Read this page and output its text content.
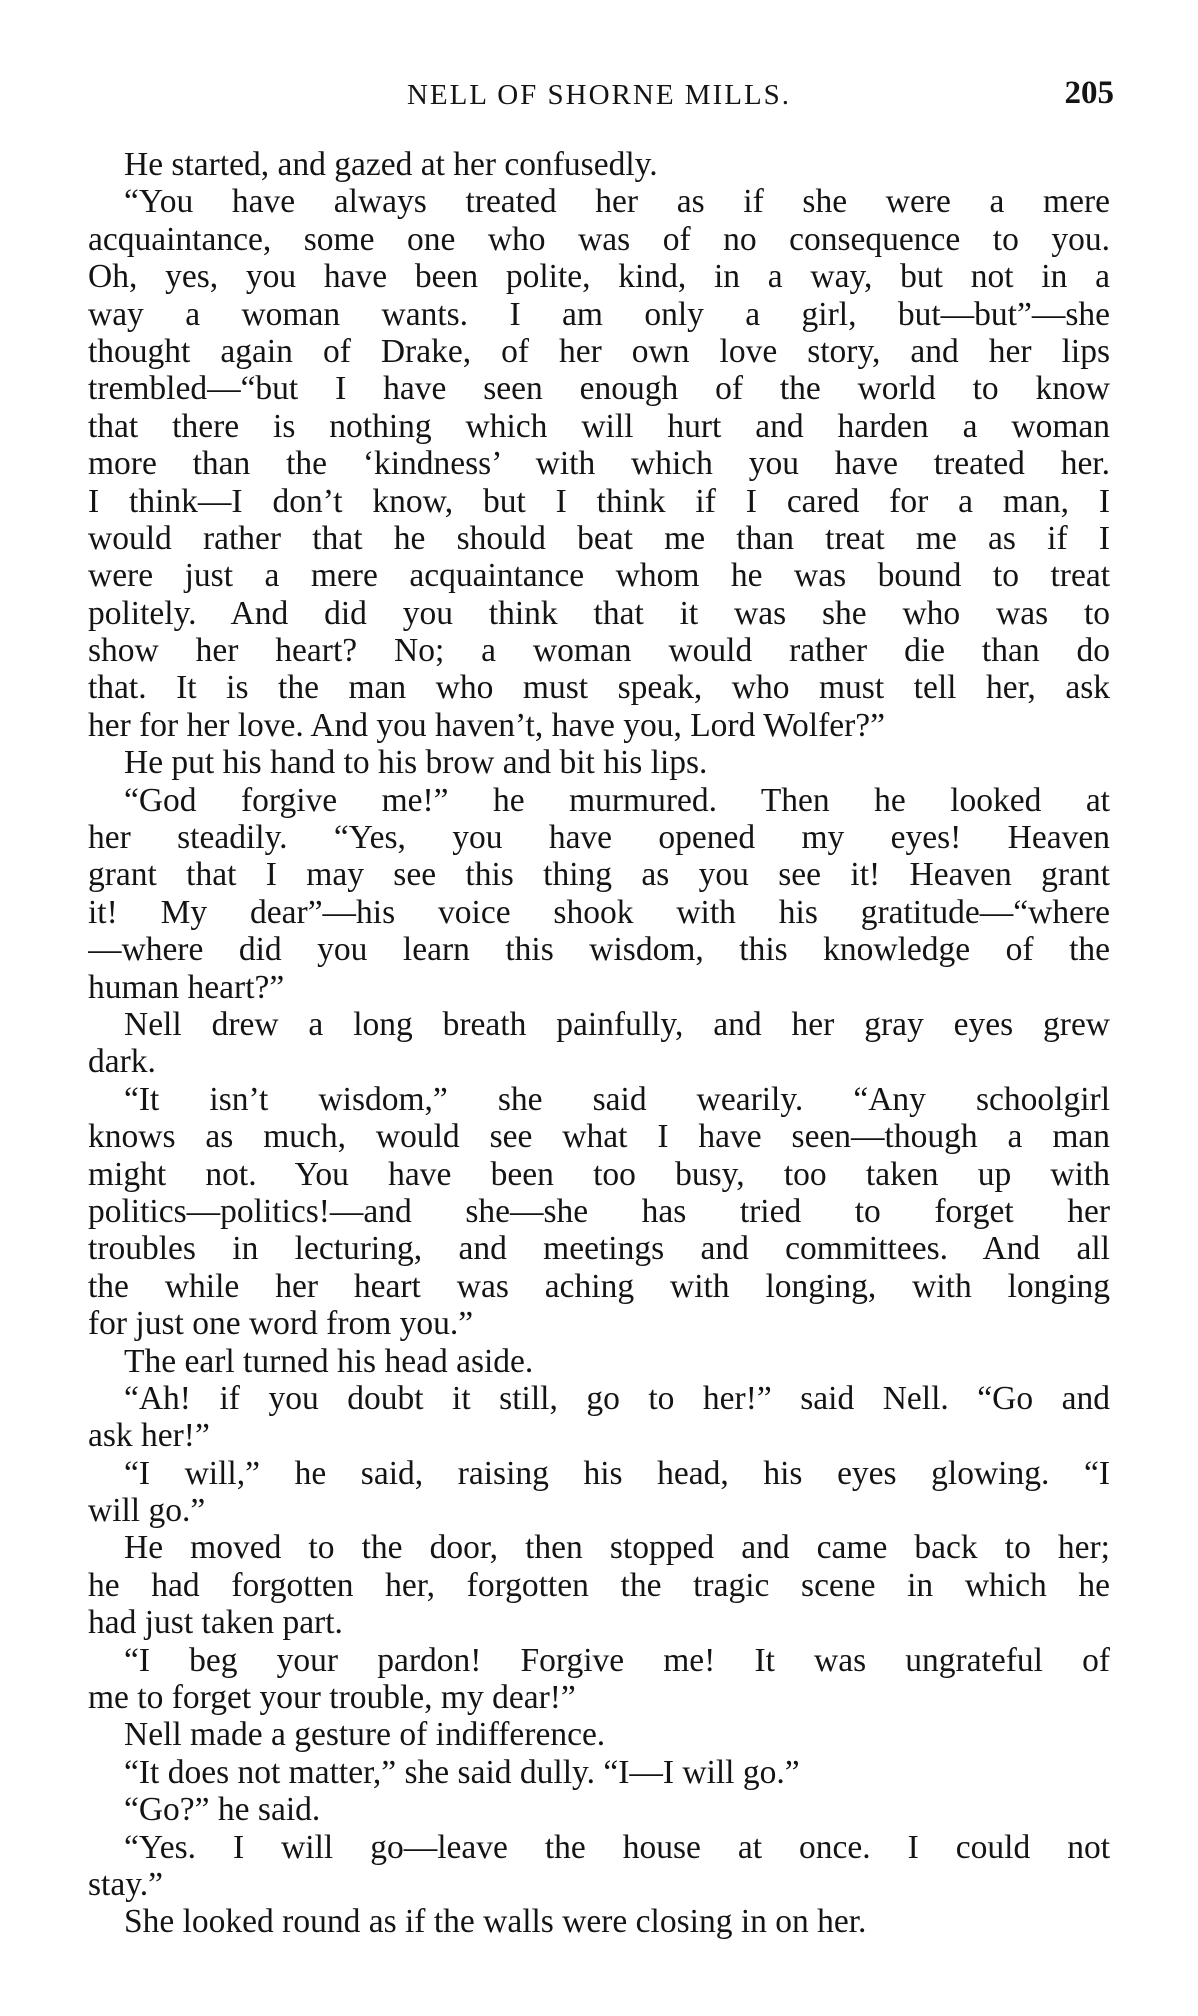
NELL OF SHORNE MILLS.	205
He started, and gazed at her confusedly.
“You have always treated her as if she were a mere
acquaintance, some one who was of no consequence to you.
Oh, yes, you have been polite, kind, in a way, but not in a
way a woman wants. I am only a girl, but—but”—she
thought again of Drake, of her own love story, and her lips
trembled—“but I have seen enough of the world to know
that there is nothing which will hurt and harden a woman
more than the ‘kindness’ with which you have treated her.
I think—I don’t know, but I think if I cared for a man, I
would rather that he should beat me than treat me as if I
were just a mere acquaintance whom he was bound to treat
politely. And did you think that it was she who was to
show her heart? No; a woman would rather die than do
that. It is the man who must speak, who must tell her, ask
her for her love. And you haven’t, have you, Lord Wolfer?”
He put his hand to his brow and bit his lips.
“God forgive me!” he murmured. Then he looked at
her steadily. “Yes, you have opened my eyes! Heaven
grant that I may see this thing as you see it! Heaven grant
it! My dear”—his voice shook with his gratitude—“where
—where did you learn this wisdom, this knowledge of the
human heart?”
Nell drew a long breath painfully, and her gray eyes grew
dark.
“It isn’t wisdom,” she said wearily. “Any schoolgirl
knows as much, would see what I have seen—though a man
might not. You have been too busy, too taken up with
politics—politics!—and she—she has tried to forget her
troubles in lecturing, and meetings and committees. And all
the while her heart was aching with longing, with longing
for just one word from you.”
The earl turned his head aside.
“Ah! if you doubt it still, go to her!” said Nell. “Go and
ask her!”
“I will,” he said, raising his head, his eyes glowing. “I
will go.”
He moved to the door, then stopped and came back to her;
he had forgotten her, forgotten the tragic scene in which he
had just taken part.
“I beg your pardon! Forgive me! It was ungrateful of
me to forget your trouble, my dear!”
Nell made a gesture of indifference.
“It does not matter,” she said dully. “I—I will go.”
“Go?” he said.
“Yes. I will go—leave the house at once. I could not
stay.”
She looked round as if the walls were closing in on her.
